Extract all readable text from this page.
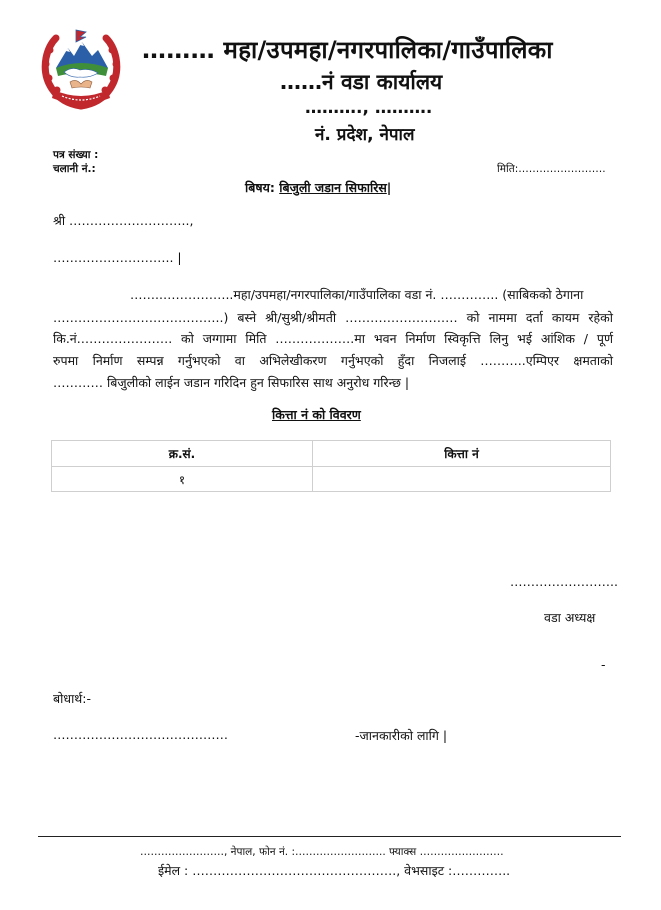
……… महा/उपमहा/नगरपालिका/गाउँपालिका
……नं वडा कार्यालय
………., ……….
नं. प्रदेश, नेपाल
पत्र संख्या :
चलानी नं.:	मिति:…………………….
बिषय: बिजुली जडान सिफारिस|
श्री ………………………..,
……………………….. |
……..……………..महा/उपमहा/नगरपालिका/गाउँपालिका वडा नं. ………….. (साबिकको ठेगाना
…………………………………..) बस्ने श्री/सुश्री/श्रीमती ……………………… को नाममा दर्ता कायम रहेको
कि.नं.…………………. को जग्गामा मिति ……………….मा भवन निर्माण स्विकृत्ति लिनु भई आंशिक / पूर्ण
रुपमा निर्माण सम्पन्न गर्नुभएको वा अभिलेखीकरण गर्नुभएको हुँदा निजलाई ………..एम्पिएर क्षमताको
………… बिजुलीको लाईन जडान गरिदिन हुन सिफारिस साथ अनुरोध गरिन्छ |
कित्ता नं को विवरण
क्र.सं.	कित्ता नं
१	
……………………..
वडा अध्यक्ष
-
बोधार्थ:-
……………………………………	-जानकारीको लागि |
……………………, नेपाल, फोन नं. :…………………….. फ्याक्स ……………………
ईमेल : …………………………………………., वेभसाइट :…………..
